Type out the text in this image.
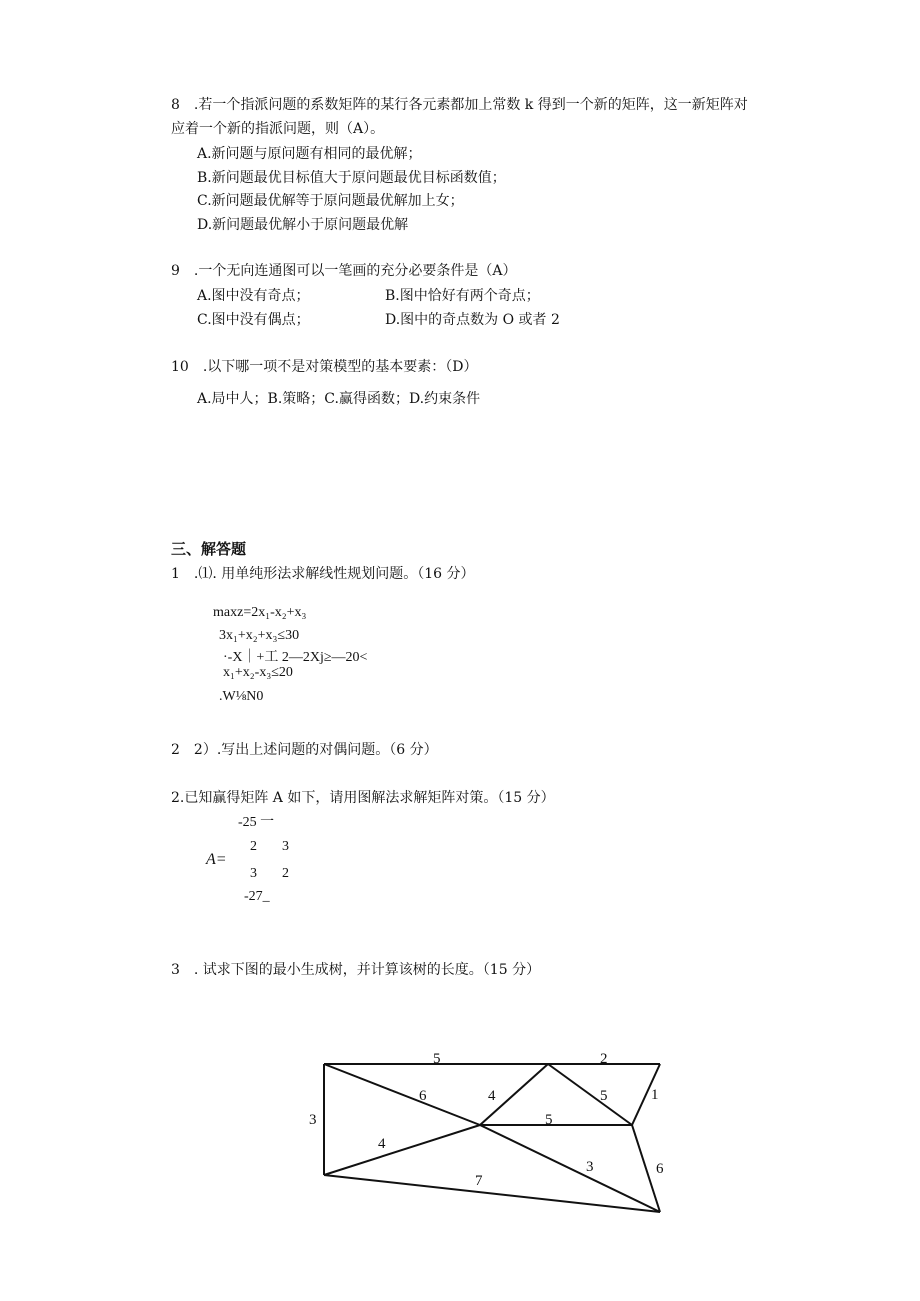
8　.若一个指派问题的系数矩阵的某行各元素都加上常数 k 得到一个新的矩阵，这一新矩阵对
应着一个新的指派问题，则（A）。
A.新问题与原问题有相同的最优解；
B.新问题最优目标值大于原问题最优目标函数值；
C.新问题最优解等于原问题最优解加上女；
D.新问题最优解小于原问题最优解
9　.一个无向连通图可以一笔画的充分必要条件是（A）
A.图中没有奇点；	B.图中恰好有两个奇点；
C.图中没有偶点；	D.图中的奇点数为 O 或者 2
10　.以下哪一项不是对策模型的基本要素：（D）
A.局中人；B.策略；C.赢得函数；D.约束条件
三、解答题
1　.⑴. 用单纯形法求解线性规划问题。（16 分）
maxz=2x₁-x₂+x₃
3x₁+x₂+x₃≤30
·-X｜+工 2—2Xj≥—20<
x₁+x₂-x₃≤20
.W⅛N0
2　2）.写出上述问题的对偶问题。（6 分）
2.已知赢得矩阵 A 如下，请用图解法求解矩阵对策。（15 分）
-25 一
2 3
A=
3 2
-27_
3　. 试求下图的最小生成树，并计算该树的长度。（15 分）
5	2
6	4	5	1
3	5
4
3	6
7
